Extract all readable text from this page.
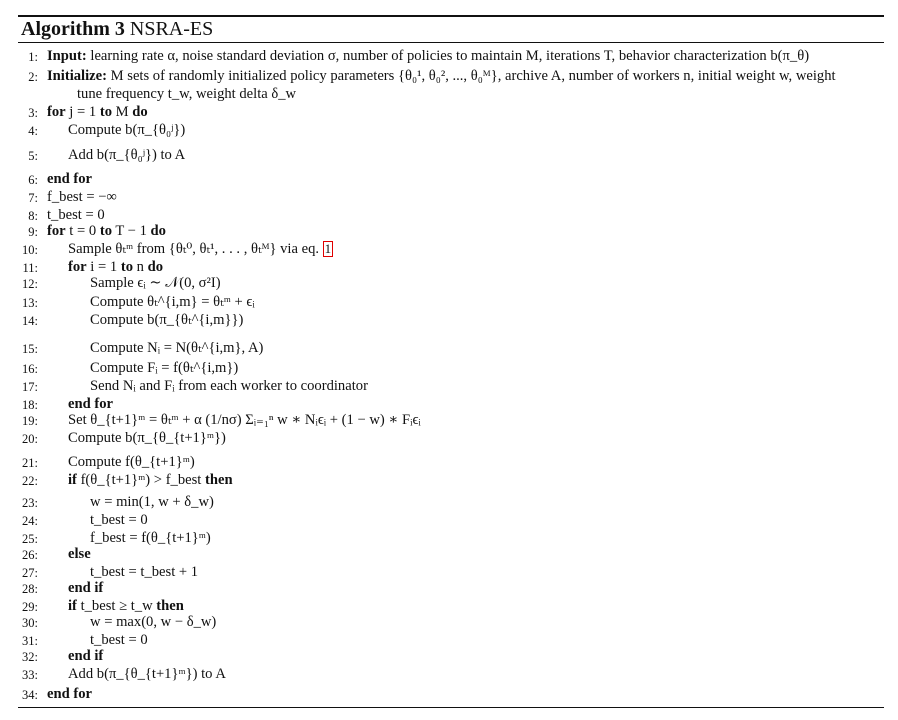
Algorithm 3 NSRA-ES
1: Input: learning rate α, noise standard deviation σ, number of policies to maintain M, iterations T, behavior characterization b(π_θ)
2: Initialize: M sets of randomly initialized policy parameters {θ₀¹, θ₀², ..., θ₀ᴹ}, archive A, number of workers n, initial weight w, weight
tune frequency t_w, weight delta δ_w
3: for j = 1 to M do
4: Compute b(π_{θ₀ʲ})
5: Add b(π_{θ₀ʲ}) to A
6: end for
7: f_best = −∞
8: t_best = 0
9: for t = 0 to T − 1 do
10: Sample θₜᵐ from {θₜ⁰, θₜ¹, . . . , θₜᴹ} via eq. 1
11: for i = 1 to n do
12:	Sample ϵᵢ ∼ 𝒩(0, σ²I)
13:	Compute θₜ^{i,m} = θₜᵐ + ϵᵢ
14:	Compute b(π_{θₜ^{i,m}})
15:	Compute Nᵢ = N(θₜ^{i,m}, A)
16:	Compute Fᵢ = f(θₜ^{i,m})
17:	Send Nᵢ and Fᵢ from each worker to coordinator
18: end for
19: Set θ_{t+1}ᵐ = θₜᵐ + α (1/nσ) Σᵢ₌₁ⁿ w ∗ Nᵢϵᵢ + (1 − w) ∗ Fᵢϵᵢ
20: Compute b(π_{θ_{t+1}ᵐ})
21: Compute f(θ_{t+1}ᵐ)
22: if f(θ_{t+1}ᵐ) > f_best then
23:	w = min(1, w + δ_w)
24:	t_best = 0
25:	f_best = f(θ_{t+1}ᵐ)
26: else
27:	t_best = t_best + 1
28: end if
29: if t_best ≥ t_w then
30:	w = max(0, w − δ_w)
31:	t_best = 0
32: end if
33: Add b(π_{θ_{t+1}ᵐ}) to A
34: end for
